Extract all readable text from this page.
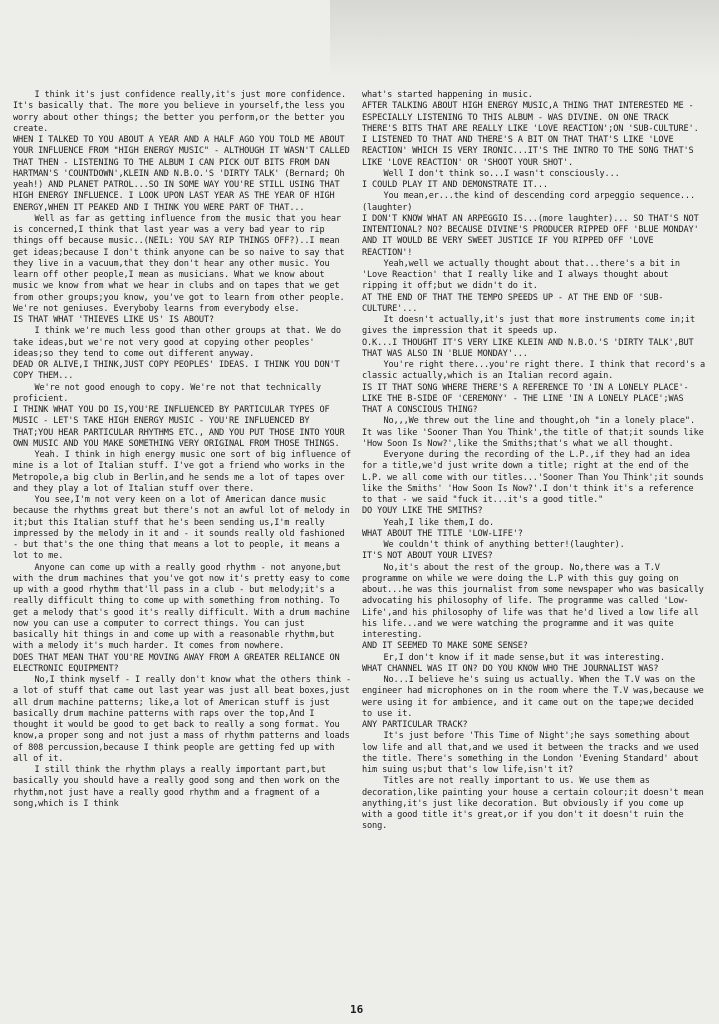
I think it's just confidence really,it's just more confidence. It's basically that. The more you believe in yourself,the less you worry about other things; the better you perform,or the better you create.

WHEN I TALKED TO YOU ABOUT A YEAR AND A HALF AGO YOU TOLD ME ABOUT YOUR INFLUENCE FROM "HIGH ENERGY MUSIC" - ALTHOUGH IT WASN'T CALLED THAT THEN - LISTENING TO THE ALBUM I CAN PICK OUT BITS FROM DAN HARTMAN'S 'COUNTDOWN',KLEIN AND N.B.O.'S 'DIRTY TALK' (Bernard; Oh yeah!) AND PLANET PATROL...SO IN SOME WAY YOU'RE STILL USING THAT HIGH ENERGY INFLUENCE. I LOOK UPON LAST YEAR AS THE YEAR OF HIGH ENERGY,WHEN IT PEAKED AND I THINK YOU WERE PART OF THAT...

Well as far as getting influence from the music that you hear is concerned,I think that last year was a very bad year to rip things off because music..(NEIL: YOU SAY RIP THINGS OFF?)..I mean get ideas;because I don't think anyone can be so naive to say that they live in a vacuum,that they don't hear any other music. You learn off other people,I mean as musicians. What we know about music we know from what we hear in clubs and on tapes that we get from other groups;you know, you've got to learn from other people. We're not geniuses. Everyboby learns from everybody else.

IS THAT WHAT 'THIEVES LIKE US' IS ABOUT?

I think we're much less good than other groups at that. We do take ideas,but we're not very good at copying other peoples' ideas;so they tend to come out different anyway.

DEAD OR ALIVE,I THINK,JUST COPY PEOPLES' IDEAS. I THINK YOU DON'T COPY THEM...

We're not good enough to copy. We're not that technically proficient.

I THINK WHAT YOU DO IS,YOU'RE INFLUENCED BY PARTICULAR TYPES OF MUSIC - LET'S TAKE HIGH ENERGY MUSIC - YOU'RE INFLUENCED BY THAT;YOU HEAR PARTICULAR RHYTHMS ETC., AND YOU PUT THOSE INTO YOUR OWN MUSIC AND YOU MAKE SOMETHING VERY ORIGINAL FROM THOSE THINGS.

Yeah. I think in high energy music one sort of big influence of mine is a lot of Italian stuff. I've got a friend who works in the Metropole,a big club in Berlin,and he sends me a lot of tapes over and they play a lot of Italian stuff over there.

You see,I'm not very keen on a lot of American dance music because the rhythms great but there's not an awful lot of melody in it;but this Italian stuff that he's been sending us,I'm really impressed by the melody in it and - it sounds really old fashioned - but that's the one thing that means a lot to people, it means a lot to me.

Anyone can come up with a really good rhythm - not anyone,but with the drum machines that you've got now it's pretty easy to come up with a good rhythm that'll pass in a club - but melody;it's a really difficult thing to come up with something from nothing. To get a melody that's good it's really difficult. With a drum machine now you can use a computer to correct things. You can just basically hit things in and come up with a reasonable rhythm,but with a melody it's much harder. It comes from nowhere.

DOES THAT MEAN THAT YOU'RE MOVING AWAY FROM A GREATER RELIANCE ON ELECTRONIC EQUIPMENT?

No,I think myself - I really don't know what the others think - a lot of stuff that came out last year was just all beat boxes,just all drum machine patterns; like,a lot of American stuff is just basically drum machine patterns with raps over the top,And I thought it would be good to get back to really a song format. You know,a proper song and not just a mass of rhythm patterns and loads of 808 percussion,because I think people are getting fed up with all of it.

I still think the rhythm plays a really important part,but basically you should have a really good song and then work on the rhythm,not just have a really good rhythm and a fragment of a song,which is I think

what's started happening in music.

AFTER TALKING ABOUT HIGH ENERGY MUSIC,A THING THAT INTERESTED ME - ESPECIALLY LISTENING TO THIS ALBUM - WAS DIVINE. ON ONE TRACK THERE'S BITS THAT ARE REALLY LIKE 'LOVE REACTION';ON 'SUB-CULTURE'. I LISTENED TO THAT AND THERE'S A BIT ON THAT THAT'S LIKE 'LOVE REACTION' WHICH IS VERY IRONIC...IT'S THE INTRO TO THE SONG THAT'S LIKE 'LOVE REACTION' OR 'SHOOT YOUR SHOT'.

Well I don't think so...I wasn't consciously...

I COULD PLAY IT AND DEMONSTRATE IT...

You mean,er...the kind of descending cord arpeggio sequence...(laughter)

I DON'T KNOW WHAT AN ARPEGGIO IS...(more laughter)... SO THAT'S NOT INTENTIONAL? NO? BECAUSE DIVINE'S PRODUCER RIPPED OFF 'BLUE MONDAY' AND IT WOULD BE VERY SWEET JUSTICE IF YOU RIPPED OFF 'LOVE REACTION'!

Yeah,well we actually thought about that...there's a bit in 'Love Reaction' that I really like and I always thought about ripping it off;but we didn't do it.

AT THE END OF THAT THE TEMPO SPEEDS UP - AT THE END OF 'SUB-CULTURE'...

It doesn't actually,it's just that more instruments come in;it gives the impression that it speeds up.

O.K...I THOUGHT IT'S VERY LIKE KLEIN AND N.B.O.'S 'DIRTY TALK',BUT THAT WAS ALSO IN 'BLUE MONDAY'...

You're right there...you're right there. I think that record's a classic actually,which is an Italian record again.

IS IT THAT SONG WHERE THERE'S A REFERENCE TO 'IN A LONELY PLACE'- LIKE THE B-SIDE OF 'CEREMONY' - THE LINE 'IN A LONELY PLACE';WAS THAT A CONSCIOUS THING?

No,,,We threw out the line and thought,oh "in a lonely place". It was like 'Sooner Than You Think',the title of that;it sounds like 'How Soon Is Now?',like the Smiths;that's what we all thought.

Everyone during the recording of the L.P.,if they had an idea for a title,we'd just write down a title; right at the end of the L.P. we all come with our titles...'Sooner Than You Think';it sounds like the Smiths' 'How Soon Is Now?'.I don't think it's a reference to that - we said "fuck it...it's a good title."

DO YOUY LIKE THE SMITHS?

Yeah,I like them,I do.

WHAT ABOUT THE TITLE 'LOW-LIFE'?

We couldn't think of anything better!(laughter).

IT'S NOT ABOUT YOUR LIVES?

No,it's about the rest of the group. No,there was a T.V programme on while we were doing the L.P with this guy going on about...he was this journalist from some newspaper who was basically advocating his philosophy of life. The programme was called 'Low-Life',and his philosophy of life was that he'd lived a low life all his life...and we were watching the programme and it was quite interesting.

AND IT SEEMED TO MAKE SOME SENSE?

Er,I don't know if it made sense,but it was interesting.

WHAT CHANNEL WAS IT ON? DO YOU KNOW WHO THE JOURNALIST WAS?

No...I believe he's suing us actually. When the T.V was on the engineer had microphones on in the room where the T.V was,because we were using it for ambience, and it came out on the tape;we decided to use it.

ANY PARTICULAR TRACK?

It's just before 'This Time of Night';he says something about low life and all that,and we used it between the tracks and we used the title. There's something in the London 'Evening Standard' about him suing us;but that's low life,isn't it?

Titles are not really important to us. We use them as decoration,like painting your house a certain colour;it doesn't mean anything,it's just like decoration. But obviously if you come up with a good title it's great,or if you don't it doesn't ruin the song.

16
